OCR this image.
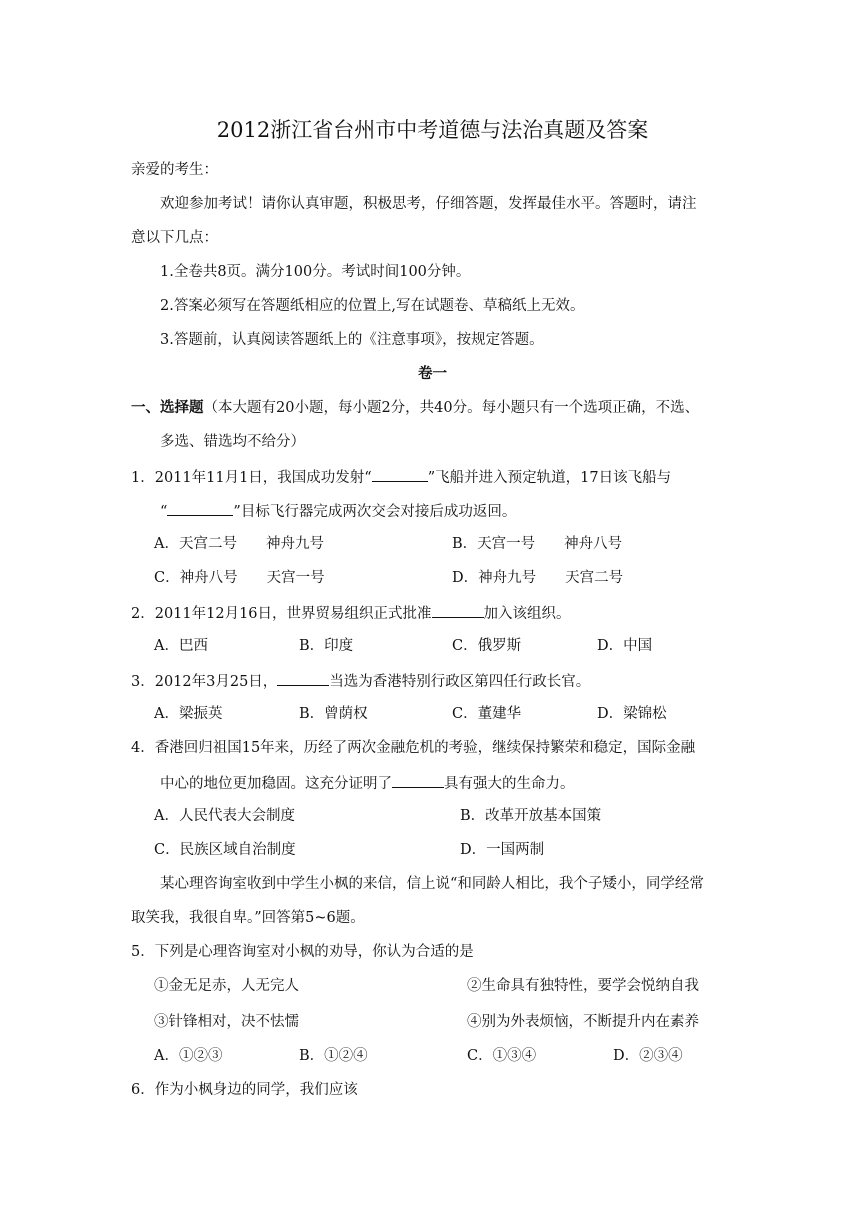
2012浙江省台州市中考道德与法治真题及答案
亲爱的考生：
欢迎参加考试！请你认真审题，积极思考，仔细答题，发挥最佳水平。答题时，请注
意以下几点：
1.全卷共8页。满分100分。考试时间100分钟。
2.答案必须写在答题纸相应的位置上,写在试题卷、草稿纸上无效。
3.答题前，认真阅读答题纸上的《注意事项》，按规定答题。
卷一
一、选择题（本大题有20小题，每小题2分，共40分。每小题只有一个选项正确，不选、
多选、错选均不给分）
1．2011年11月1日，我国成功发射“	”飞船并进入预定轨道，17日该飞船与
“	”目标飞行器完成两次交会对接后成功返回。
A．天宫二号　　神舟九号	B．天宫一号　　神舟八号
C．神舟八号　　天宫一号	D．神舟九号　　天宫二号
2．2011年12月16日，世界贸易组织正式批准	加入该组织。
A．巴西	B．印度	C．俄罗斯	D．中国
3．2012年3月25日，	当选为香港特别行政区第四任行政长官。
A．梁振英	B．曾荫权	C．董建华	D．梁锦松
4．香港回归祖国15年来，历经了两次金融危机的考验，继续保持繁荣和稳定，国际金融
中心的地位更加稳固。这充分证明了	具有强大的生命力。
A．人民代表大会制度	B．改革开放基本国策
C．民族区域自治制度	D．一国两制
某心理咨询室收到中学生小枫的来信，信上说“和同龄人相比，我个子矮小，同学经常
取笑我，我很自卑。”回答第5~6题。
5．下列是心理咨询室对小枫的劝导，你认为合适的是
①金无足赤，人无完人	②生命具有独特性，要学会悦纳自我
③针锋相对，决不怯懦	④别为外表烦恼，不断提升内在素养
A．①②③	B．①②④	C．①③④	D．②③④
6．作为小枫身边的同学，我们应该
